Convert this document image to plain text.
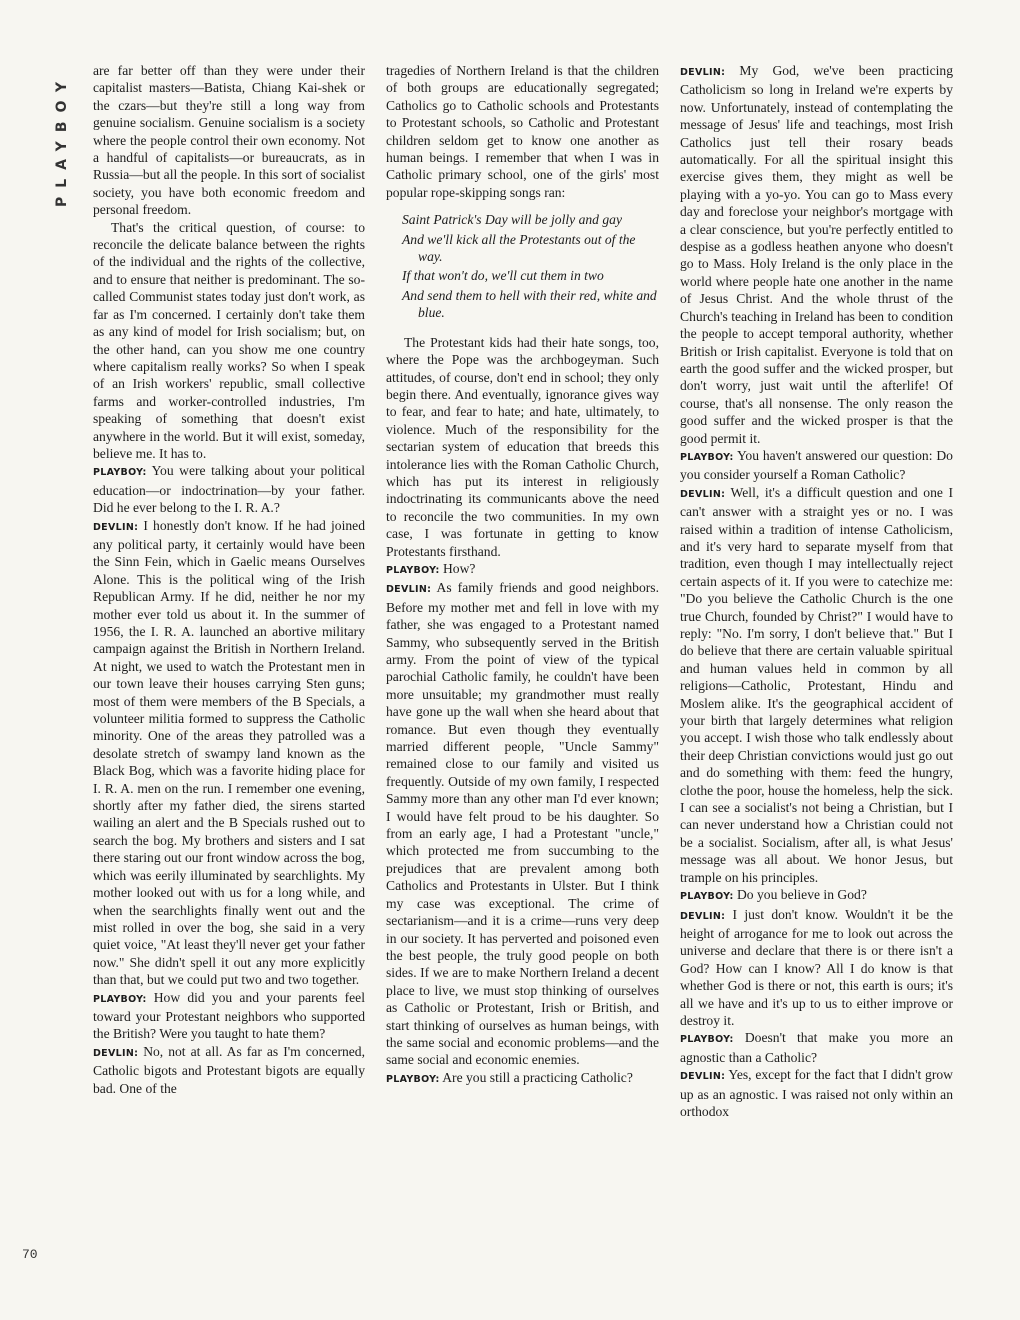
PLAYBOY
70

are far better off than they were under their capitalist masters—Batista, Chiang Kai-shek or the czars—but they're still a long way from genuine socialism. Genuine socialism is a society where the people control their own economy. Not a handful of capitalists—or bureaucrats, as in Russia—but all the people. In this sort of socialist society, you have both economic freedom and personal freedom.

That's the critical question, of course: to reconcile the delicate balance between the rights of the individual and the rights of the collective, and to ensure that neither is predominant. The so-called Communist states today just don't work, as far as I'm concerned. I certainly don't take them as any kind of model for Irish socialism; but, on the other hand, can you show me one country where capitalism really works? So when I speak of an Irish workers' republic, small collective farms and worker-controlled industries, I'm speaking of something that doesn't exist anywhere in the world. But it will exist, someday, believe me. It has to.

PLAYBOY: You were talking about your political education—or indoctrination—by your father. Did he ever belong to the I. R. A.?

DEVLIN: I honestly don't know. If he had joined any political party, it certainly would have been the Sinn Fein, which in Gaelic means Ourselves Alone. This is the political wing of the Irish Republican Army. If he did, neither he nor my mother ever told us about it. In the summer of 1956, the I. R. A. launched an abortive military campaign against the British in Northern Ireland. At night, we used to watch the Protestant men in our town leave their houses carrying Sten guns; most of them were members of the B Specials, a volunteer militia formed to suppress the Catholic minority. One of the areas they patrolled was a desolate stretch of swampy land known as the Black Bog, which was a favorite hiding place for I. R. A. men on the run. I remember one evening, shortly after my father died, the sirens started wailing an alert and the B Specials rushed out to search the bog. My brothers and sisters and I sat there staring out our front window across the bog, which was eerily illuminated by searchlights. My mother looked out with us for a long while, and when the searchlights finally went out and the mist rolled in over the bog, she said in a very quiet voice, "At least they'll never get your father now." She didn't spell it out any more explicitly than that, but we could put two and two together.

PLAYBOY: How did you and your parents feel toward your Protestant neighbors who supported the British? Were you taught to hate them?

DEVLIN: No, not at all. As far as I'm concerned, Catholic bigots and Protestant bigots are equally bad. One of the

tragedies of Northern Ireland is that the children of both groups are educationally segregated; Catholics go to Catholic schools and Protestants to Protestant schools, so Catholic and Protestant children seldom get to know one another as human beings. I remember that when I was in Catholic primary school, one of the girls' most popular rope-skipping songs ran:

Saint Patrick's Day will be jolly and gay
And we'll kick all the Protestants out of the way.
If that won't do, we'll cut them in two
And send them to hell with their red, white and blue.

The Protestant kids had their hate songs, too, where the Pope was the archbogeyman. Such attitudes, of course, don't end in school; they only begin there. And eventually, ignorance gives way to fear, and fear to hate; and hate, ultimately, to violence. Much of the responsibility for the sectarian system of education that breeds this intolerance lies with the Roman Catholic Church, which has put its interest in religiously indoctrinating its communicants above the need to reconcile the two communities. In my own case, I was fortunate in getting to know Protestants firsthand.

PLAYBOY: How?

DEVLIN: As family friends and good neighbors. Before my mother met and fell in love with my father, she was engaged to a Protestant named Sammy, who subsequently served in the British army. From the point of view of the typical parochial Catholic family, he couldn't have been more unsuitable; my grandmother must really have gone up the wall when she heard about that romance. But even though they eventually married different people, "Uncle Sammy" remained close to our family and visited us frequently. Outside of my own family, I respected Sammy more than any other man I'd ever known; I would have felt proud to be his daughter. So from an early age, I had a Protestant "uncle," which protected me from succumbing to the prejudices that are prevalent among both Catholics and Protestants in Ulster. But I think my case was exceptional. The crime of sectarianism—and it is a crime—runs very deep in our society. It has perverted and poisoned even the best people, the truly good people on both sides. If we are to make Northern Ireland a decent place to live, we must stop thinking of ourselves as Catholic or Protestant, Irish or British, and start thinking of ourselves as human beings, with the same social and economic problems—and the same social and economic enemies.

PLAYBOY: Are you still a practicing Catholic?

DEVLIN: My God, we've been practicing Catholicism so long in Ireland we're experts by now. Unfortunately, instead of contemplating the message of Jesus' life and teachings, most Irish Catholics just tell their rosary beads automatically. For all the spiritual insight this exercise gives them, they might as well be playing with a yo-yo. You can go to Mass every day and foreclose your neighbor's mortgage with a clear conscience, but you're perfectly entitled to despise as a godless heathen anyone who doesn't go to Mass. Holy Ireland is the only place in the world where people hate one another in the name of Jesus Christ. And the whole thrust of the Church's teaching in Ireland has been to condition the people to accept temporal authority, whether British or Irish capitalist. Everyone is told that on earth the good suffer and the wicked prosper, but don't worry, just wait until the afterlife! Of course, that's all nonsense. The only reason the good suffer and the wicked prosper is that the good permit it.

PLAYBOY: You haven't answered our question: Do you consider yourself a Roman Catholic?

DEVLIN: Well, it's a difficult question and one I can't answer with a straight yes or no. I was raised within a tradition of intense Catholicism, and it's very hard to separate myself from that tradition, even though I may intellectually reject certain aspects of it. If you were to catechize me: "Do you believe the Catholic Church is the one true Church, founded by Christ?" I would have to reply: "No. I'm sorry, I don't believe that." But I do believe that there are certain valuable spiritual and human values held in common by all religions—Catholic, Protestant, Hindu and Moslem alike. It's the geographical accident of your birth that largely determines what religion you accept. I wish those who talk endlessly about their deep Christian convictions would just go out and do something with them: feed the hungry, clothe the poor, house the homeless, help the sick. I can see a socialist's not being a Christian, but I can never understand how a Christian could not be a socialist. Socialism, after all, is what Jesus' message was all about. We honor Jesus, but trample on his principles.

PLAYBOY: Do you believe in God?

DEVLIN: I just don't know. Wouldn't it be the height of arrogance for me to look out across the universe and declare that there is or there isn't a God? How can I know? All I do know is that whether God is there or not, this earth is ours; it's all we have and it's up to us to either improve or destroy it.

PLAYBOY: Doesn't that make you more an agnostic than a Catholic?

DEVLIN: Yes, except for the fact that I didn't grow up as an agnostic. I was raised not only within an orthodox
